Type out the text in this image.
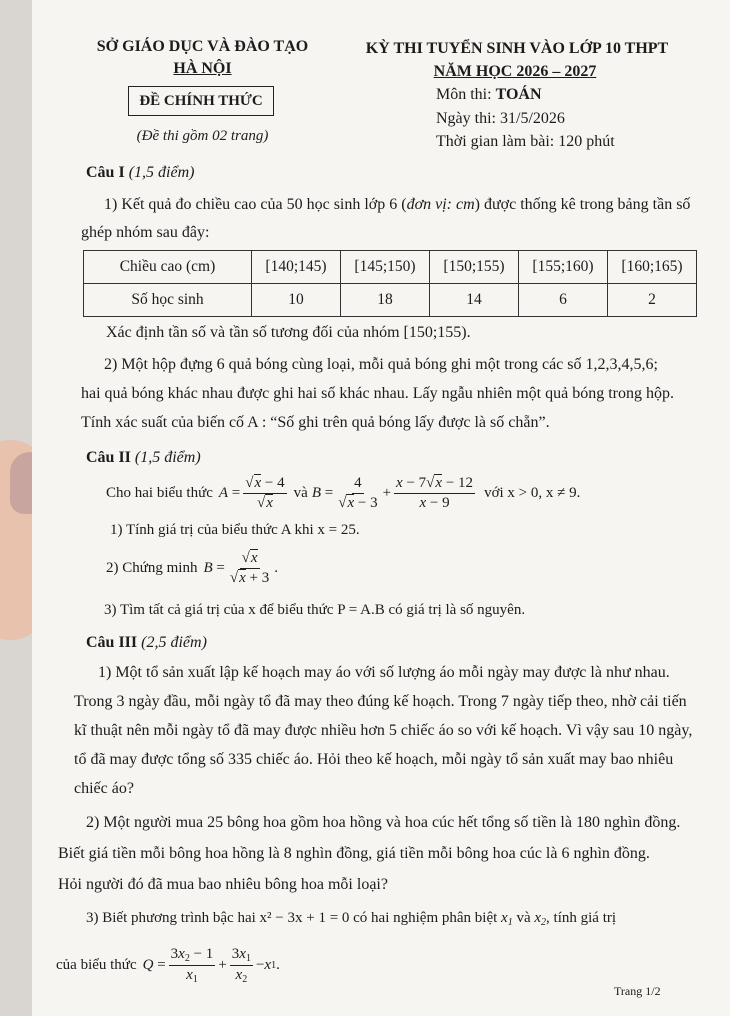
SỞ GIÁO DỤC VÀ ĐÀO TẠO
HÀ NỘI
ĐỀ CHÍNH THỨC
(Đề thi gồm 02 trang)
KỲ THI TUYỂN SINH VÀO LỚP 10 THPT
NĂM HỌC 2026 – 2027
Môn thi: TOÁN
Ngày thi: 31/5/2026
Thời gian làm bài: 120 phút
Câu I (1,5 điểm)
1) Kết quả đo chiều cao của 50 học sinh lớp 6 (đơn vị: cm) được thống kê trong bảng tần số
ghép nhóm sau đây:
Chiều cao (cm)	[140;145)	[145;150)	[150;155)	[155;160)	[160;165)
Số học sinh	10	18	14	6	2
Xác định tần số và tần số tương đối của nhóm [150;155).
2) Một hộp đựng 6 quả bóng cùng loại, mỗi quả bóng ghi một trong các số 1,2,3,4,5,6;
hai quả bóng khác nhau được ghi hai số khác nhau. Lấy ngẫu nhiên một quả bóng trong hộp.
Tính xác suất của biến cố A : “Số ghi trên quả bóng lấy được là số chẵn”.
Câu II (1,5 điểm)
Cho hai biểu thức $A = \frac{√x - 4}{√x}$ và $B = \frac{4}{√x - 3} + \frac{x - 7√x - 12}{x - 9}$ với x > 0, x ≠ 9.
1) Tính giá trị của biểu thức A khi x = 25.
2) Chứng minh $B = \frac{√x}{√x + 3}$ .
3) Tìm tất cả giá trị của x để biểu thức P = A.B có giá trị là số nguyên.
Câu III (2,5 điểm)
1) Một tổ sản xuất lập kế hoạch may áo với số lượng áo mỗi ngày may được là như nhau.
Trong 3 ngày đầu, mỗi ngày tổ đã may theo đúng kế hoạch. Trong 7 ngày tiếp theo, nhờ cải tiến
kĩ thuật nên mỗi ngày tổ đã may được nhiều hơn 5 chiếc áo so với kế hoạch. Vì vậy sau 10 ngày,
tổ đã may được tổng số 335 chiếc áo. Hỏi theo kế hoạch, mỗi ngày tổ sản xuất may bao nhiêu
chiếc áo?
2) Một người mua 25 bông hoa gồm hoa hồng và hoa cúc hết tổng số tiền là 180 nghìn đồng.
Biết giá tiền mỗi bông hoa hồng là 8 nghìn đồng, giá tiền mỗi bông hoa cúc là 6 nghìn đồng.
Hỏi người đó đã mua bao nhiêu bông hoa mỗi loại?
3) Biết phương trình bậc hai x² − 3x + 1 = 0 có hai nghiệm phân biệt $x_1$ và $x_2$, tính giá trị
của biểu thức $Q = \frac{3x_2 - 1}{x_1} + \frac{3x_1}{x_2} - x$ 1 .
Trang 1/2
